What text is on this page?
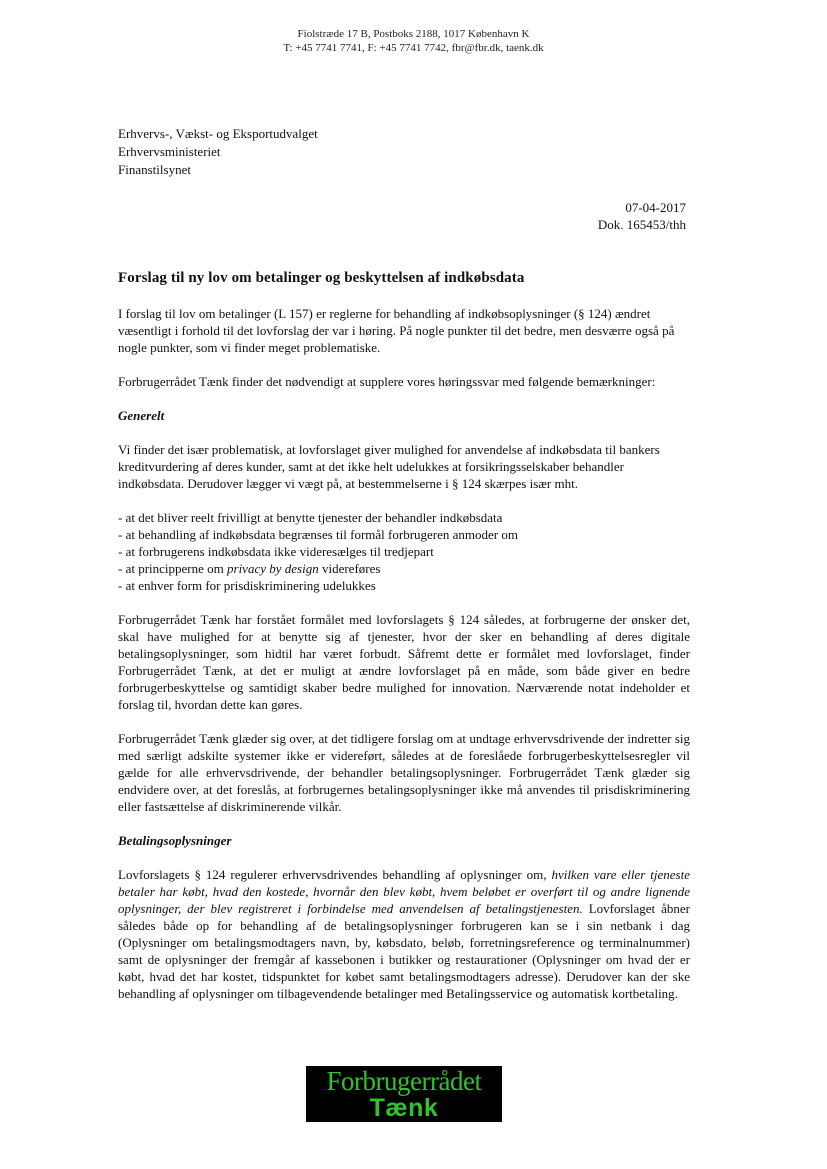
Fiolstræde 17 B, Postboks 2188, 1017 København K
T: +45 7741 7741, F: +45 7741 7742, fbr@fbr.dk, taenk.dk
Erhvervs-, Vækst- og Eksportudvalget
Erhvervsministeriet
Finanstilsynet
07-04-2017
Dok. 165453/thh
Forslag til ny lov om betalinger og beskyttelsen af indkøbsdata

I forslag til lov om betalinger (L 157) er reglerne for behandling af indkøbsoplysninger (§ 124) ændret væsentligt i forhold til det lovforslag der var i høring. På nogle punkter til det bedre, men desværre også på nogle punkter, som vi finder meget problematiske.

Forbrugerrådet Tænk finder det nødvendigt at supplere vores høringssvar med følgende bemærkninger:

Generelt

Vi finder det især problematisk, at lovforslaget giver mulighed for anvendelse af indkøbsdata til bankers kreditvurdering af deres kunder, samt at det ikke helt udelukkes at forsikringsselskaber behandler indkøbsdata. Derudover lægger vi vægt på, at bestemmelserne i § 124 skærpes især mht.

- at det bliver reelt frivilligt at benytte tjenester der behandler indkøbsdata
- at behandling af indkøbsdata begrænses til formål forbrugeren anmoder om
- at forbrugerens indkøbsdata ikke videresælges til tredjepart
- at principperne om privacy by design videreføres
- at enhver form for prisdiskriminering udelukkes

Forbrugerrådet Tænk har forstået formålet med lovforslagets § 124 således, at forbrugerne der ønsker det, skal have mulighed for at benytte sig af tjenester, hvor der sker en behandling af deres digitale betalingsoplysninger, som hidtil har været forbudt. Såfremt dette er formålet med lovforslaget, finder Forbrugerrådet Tænk, at det er muligt at ændre lovforslaget på en måde, som både giver en bedre forbrugerbeskyttelse og samtidigt skaber bedre mulighed for innovation. Nærværende notat indeholder et forslag til, hvordan dette kan gøres.

Forbrugerrådet Tænk glæder sig over, at det tidligere forslag om at undtage erhvervsdrivende der indretter sig med særligt adskilte systemer ikke er videreført, således at de foreslåede forbrugerbeskyttelsesregler vil gælde for alle erhvervsdrivende, der behandler betalingsoplysninger. Forbrugerrådet Tænk glæder sig endvidere over, at det foreslås, at forbrugernes betalingsoplysninger ikke må anvendes til prisdiskriminering eller fastsættelse af diskriminerende vilkår.

Betalingsoplysninger

Lovforslagets § 124 regulerer erhvervsdrivendes behandling af oplysninger om, hvilken vare eller tjeneste betaler har købt, hvad den kostede, hvornår den blev købt, hvem beløbet er overført til og andre lignende oplysninger, der blev registreret i forbindelse med anvendelsen af betalingstjenesten. Lovforslaget åbner således både op for behandling af de betalingsoplysninger forbrugeren kan se i sin netbank i dag (Oplysninger om betalingsmodtagers navn, by, købsdato, beløb, forretningsreference og terminalnummer) samt de oplysninger der fremgår af kassebonen i butikker og restaurationer (Oplysninger om hvad der er købt, hvad det har kostet, tidspunktet for købet samt betalingsmodtagers adresse). Derudover kan der ske behandling af oplysninger om tilbagevendende betalinger med Betalingsservice og automatisk kortbetaling.

Forbrugerrådet
Tænk
